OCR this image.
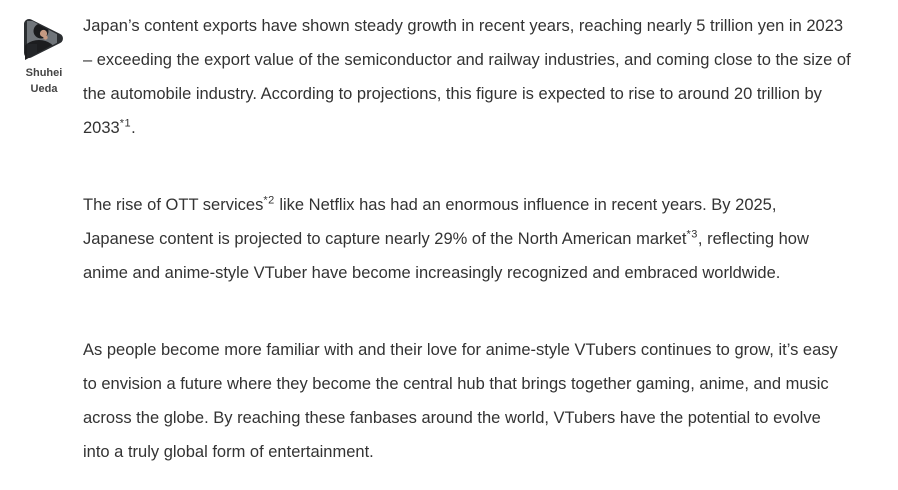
Shuhei
Ueda

Japan’s content exports have shown steady growth in recent years, reaching nearly 5 trillion yen in 2023
– exceeding the export value of the semiconductor and railway industries, and coming close to the size of
the automobile industry. According to projections, this figure is expected to rise to around 20 trillion by
2033$^{*1}$.

The rise of OTT services$^{*2}$ like Netflix has had an enormous influence in recent years. By 2025,
Japanese content is projected to capture nearly 29% of the North American market$^{*3}$, reflecting how
anime and anime-style VTuber have become increasingly recognized and embraced worldwide.

As people become more familiar with and their love for anime-style VTubers continues to grow, it’s easy
to envision a future where they become the central hub that brings together gaming, anime, and music
across the globe. By reaching these fanbases around the world, VTubers have the potential to evolve
into a truly global form of entertainment.
